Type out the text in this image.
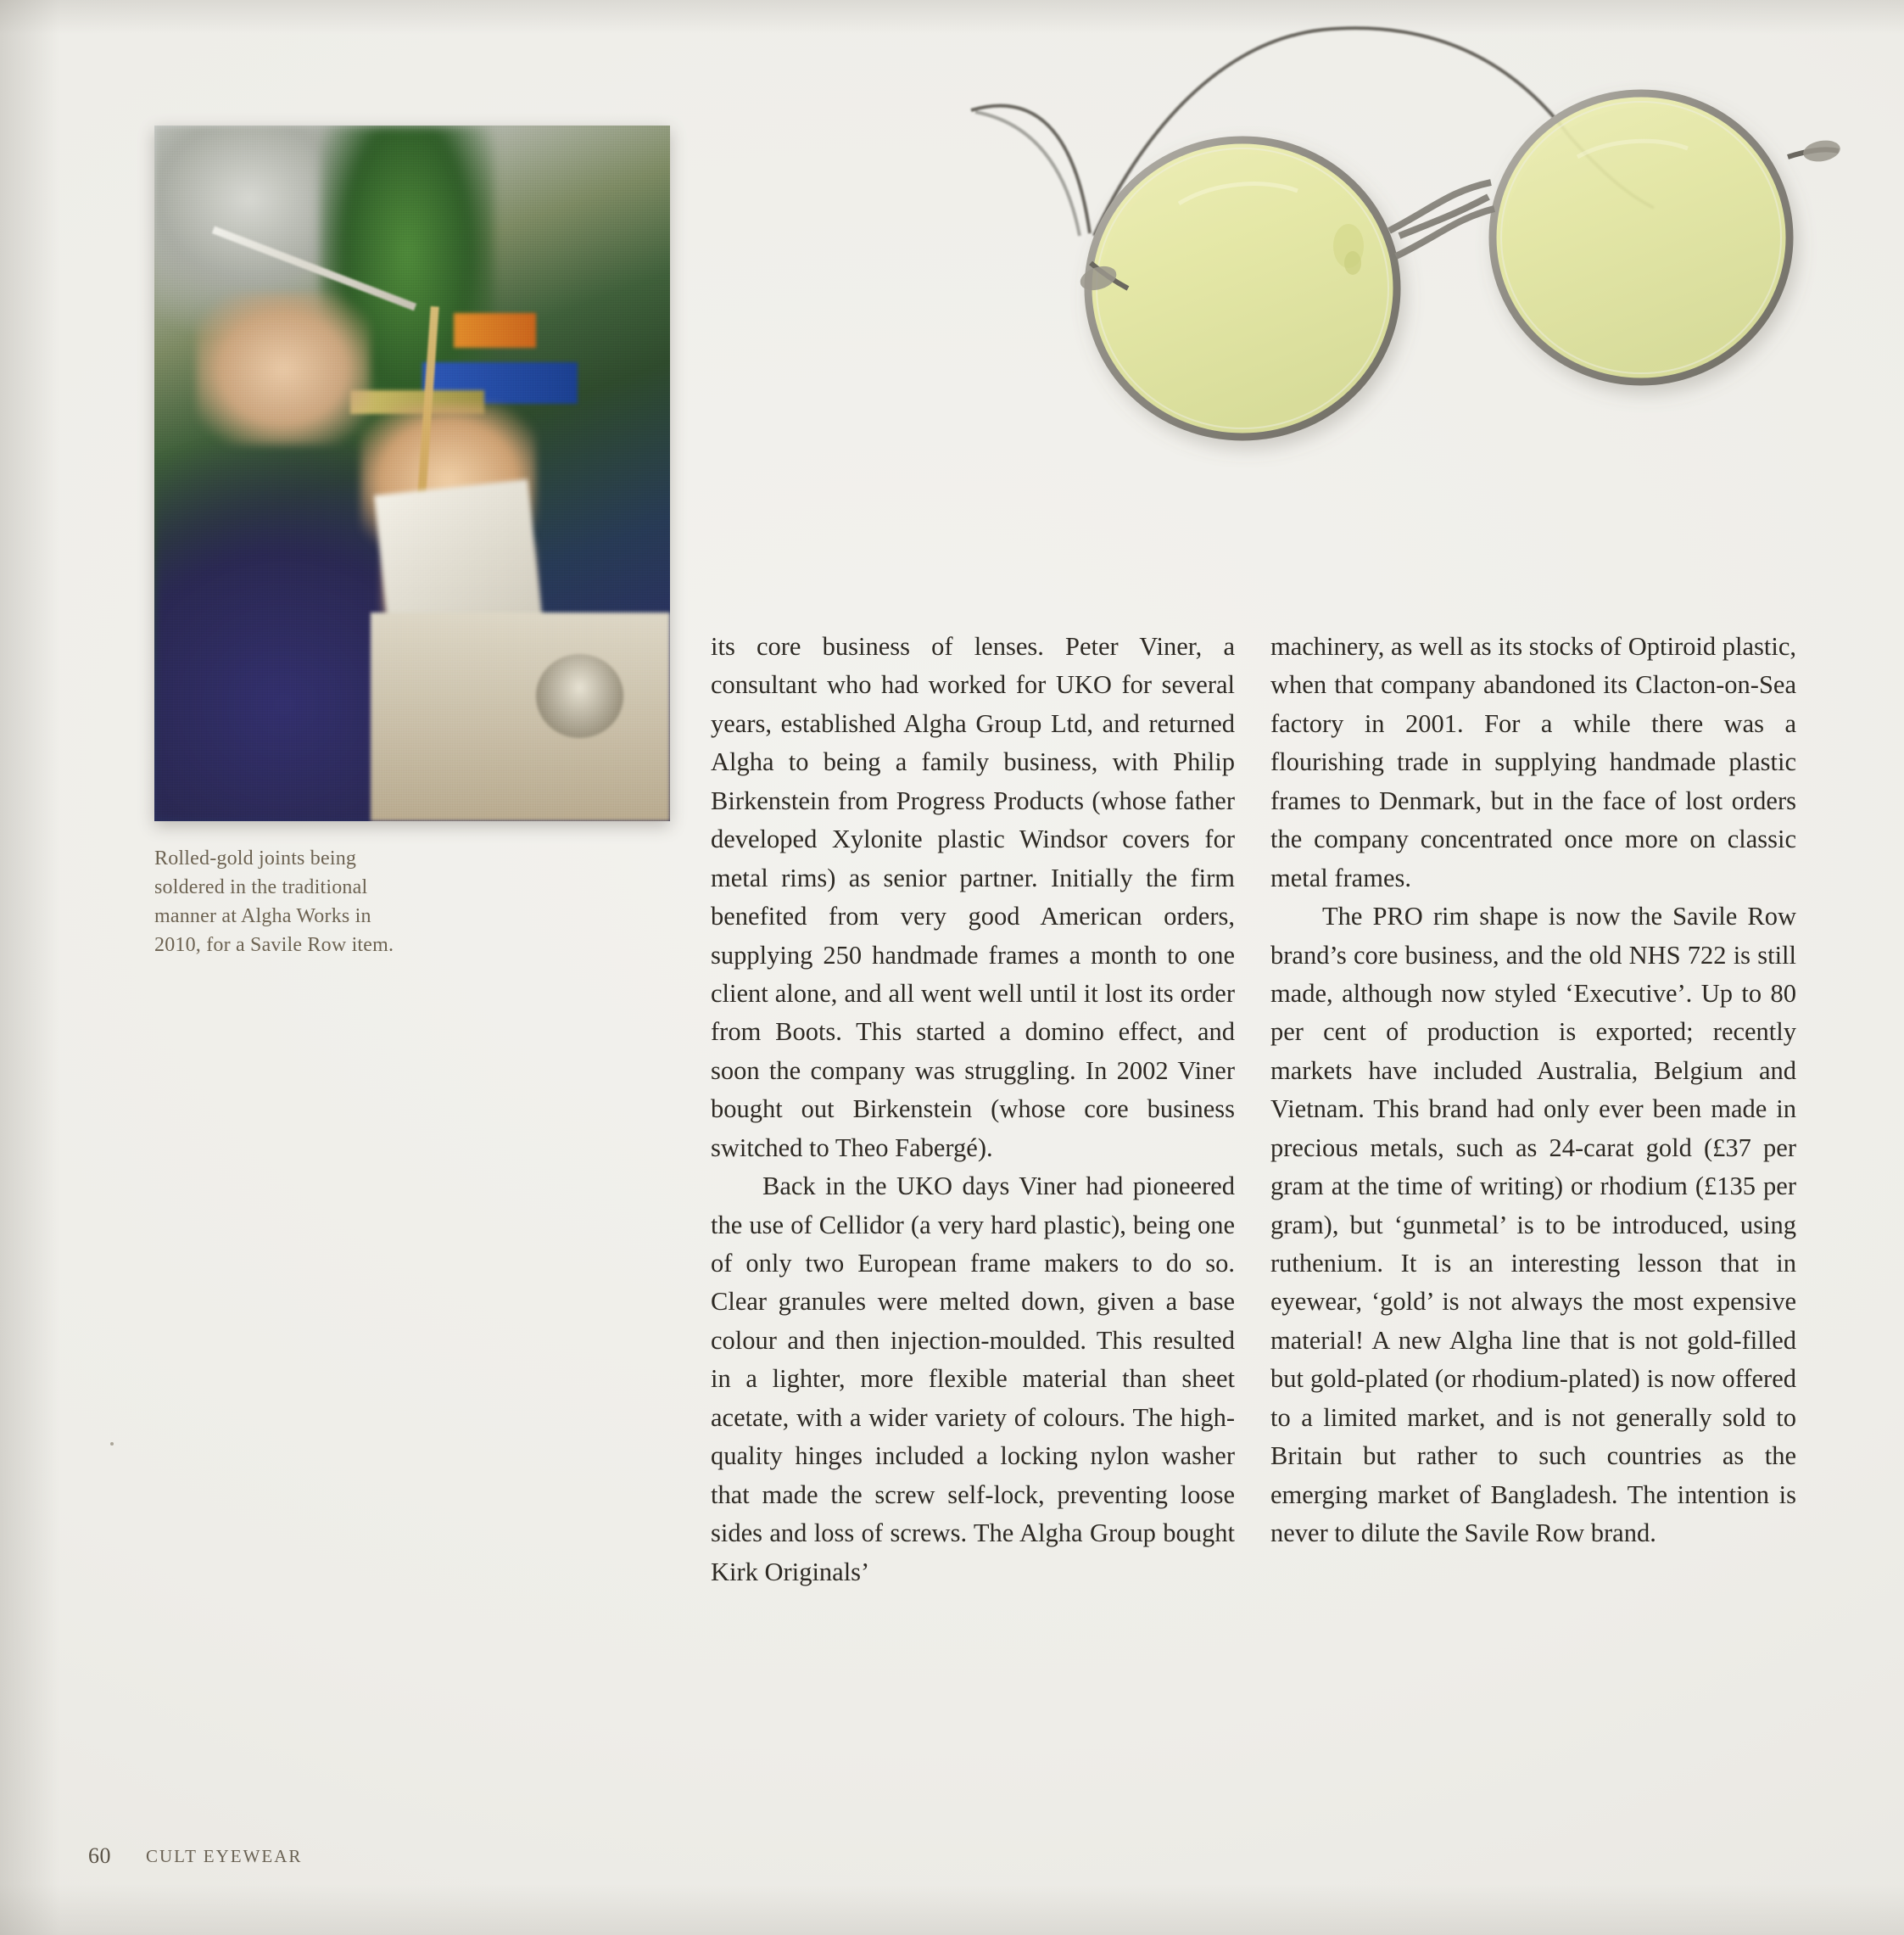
Rolled-gold joints being soldered in the traditional manner at Algha Works in 2010, for a Savile Row item.

its core business of lenses. Peter Viner, a consultant who had worked for UKO for several years, established Algha Group Ltd, and returned Algha to being a family business, with Philip Birkenstein from Progress Products (whose father developed Xylonite plastic Windsor covers for metal rims) as senior partner. Initially the firm benefited from very good American orders, supplying 250 handmade frames a month to one client alone, and all went well until it lost its order from Boots. This started a domino effect, and soon the company was struggling. In 2002 Viner bought out Birkenstein (whose core business switched to Theo Fabergé).

Back in the UKO days Viner had pioneered the use of Cellidor (a very hard plastic), being one of only two European frame makers to do so. Clear granules were melted down, given a base colour and then injection-moulded. This resulted in a lighter, more flexible material than sheet acetate, with a wider variety of colours. The high-quality hinges included a locking nylon washer that made the screw self-lock, preventing loose sides and loss of screws. The Algha Group bought Kirk Originals’

machinery, as well as its stocks of Optiroid plastic, when that company abandoned its Clacton-on-Sea factory in 2001. For a while there was a flourishing trade in supplying handmade plastic frames to Denmark, but in the face of lost orders the company concentrated once more on classic metal frames.

The PRO rim shape is now the Savile Row brand’s core business, and the old NHS 722 is still made, although now styled ‘Executive’. Up to 80 per cent of production is exported; recently markets have included Australia, Belgium and Vietnam. This brand had only ever been made in precious metals, such as 24-carat gold (£37 per gram at the time of writing) or rhodium (£135 per gram), but ‘gunmetal’ is to be introduced, using ruthenium. It is an interesting lesson that in eyewear, ‘gold’ is not always the most expensive material! A new Algha line that is not gold-filled but gold-plated (or rhodium-plated) is now offered to a limited market, and is not generally sold to Britain but rather to such countries as the emerging market of Bangladesh. The intention is never to dilute the Savile Row brand.

60 CULT EYEWEAR
